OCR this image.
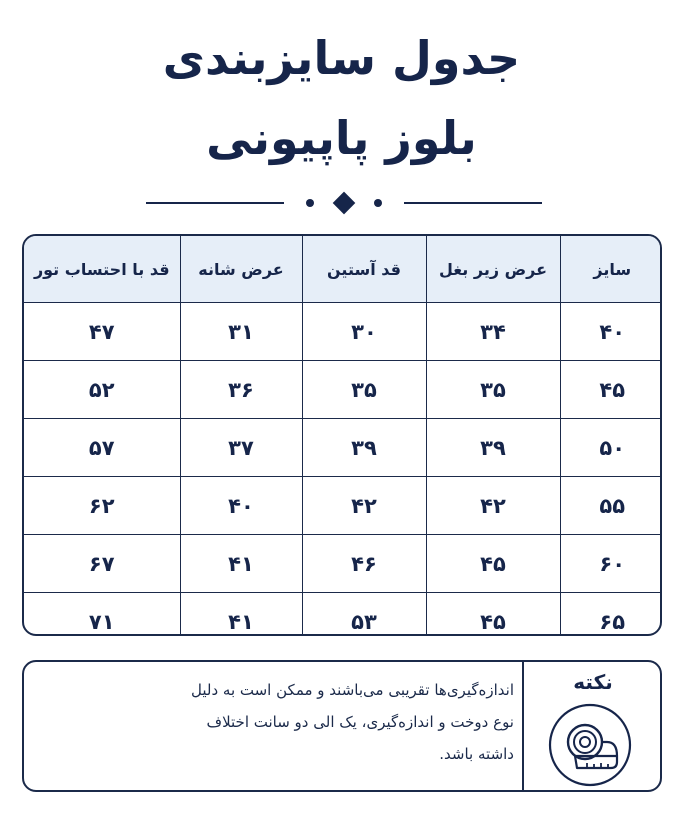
جدول سایزبندی
بلوز پاپیونی
سایز	عرض زیر بغل	قد آستین	عرض شانه	قد با احتساب تور
۴۰	۳۴	۳۰	۳۱	۴۷
۴۵	۳۵	۳۵	۳۶	۵۲
۵۰	۳۹	۳۹	۳۷	۵۷
۵۵	۴۲	۴۲	۴۰	۶۲
۶۰	۴۵	۴۶	۴۱	۶۷
۶۵	۴۵	۵۳	۴۱	۷۱
نکته
اندازه‌گیری‌ها تقریبی می‌باشند و ممکن است به دلیل
نوع دوخت و اندازه‌گیری، یک الی دو سانت اختلاف
داشته باشد.
